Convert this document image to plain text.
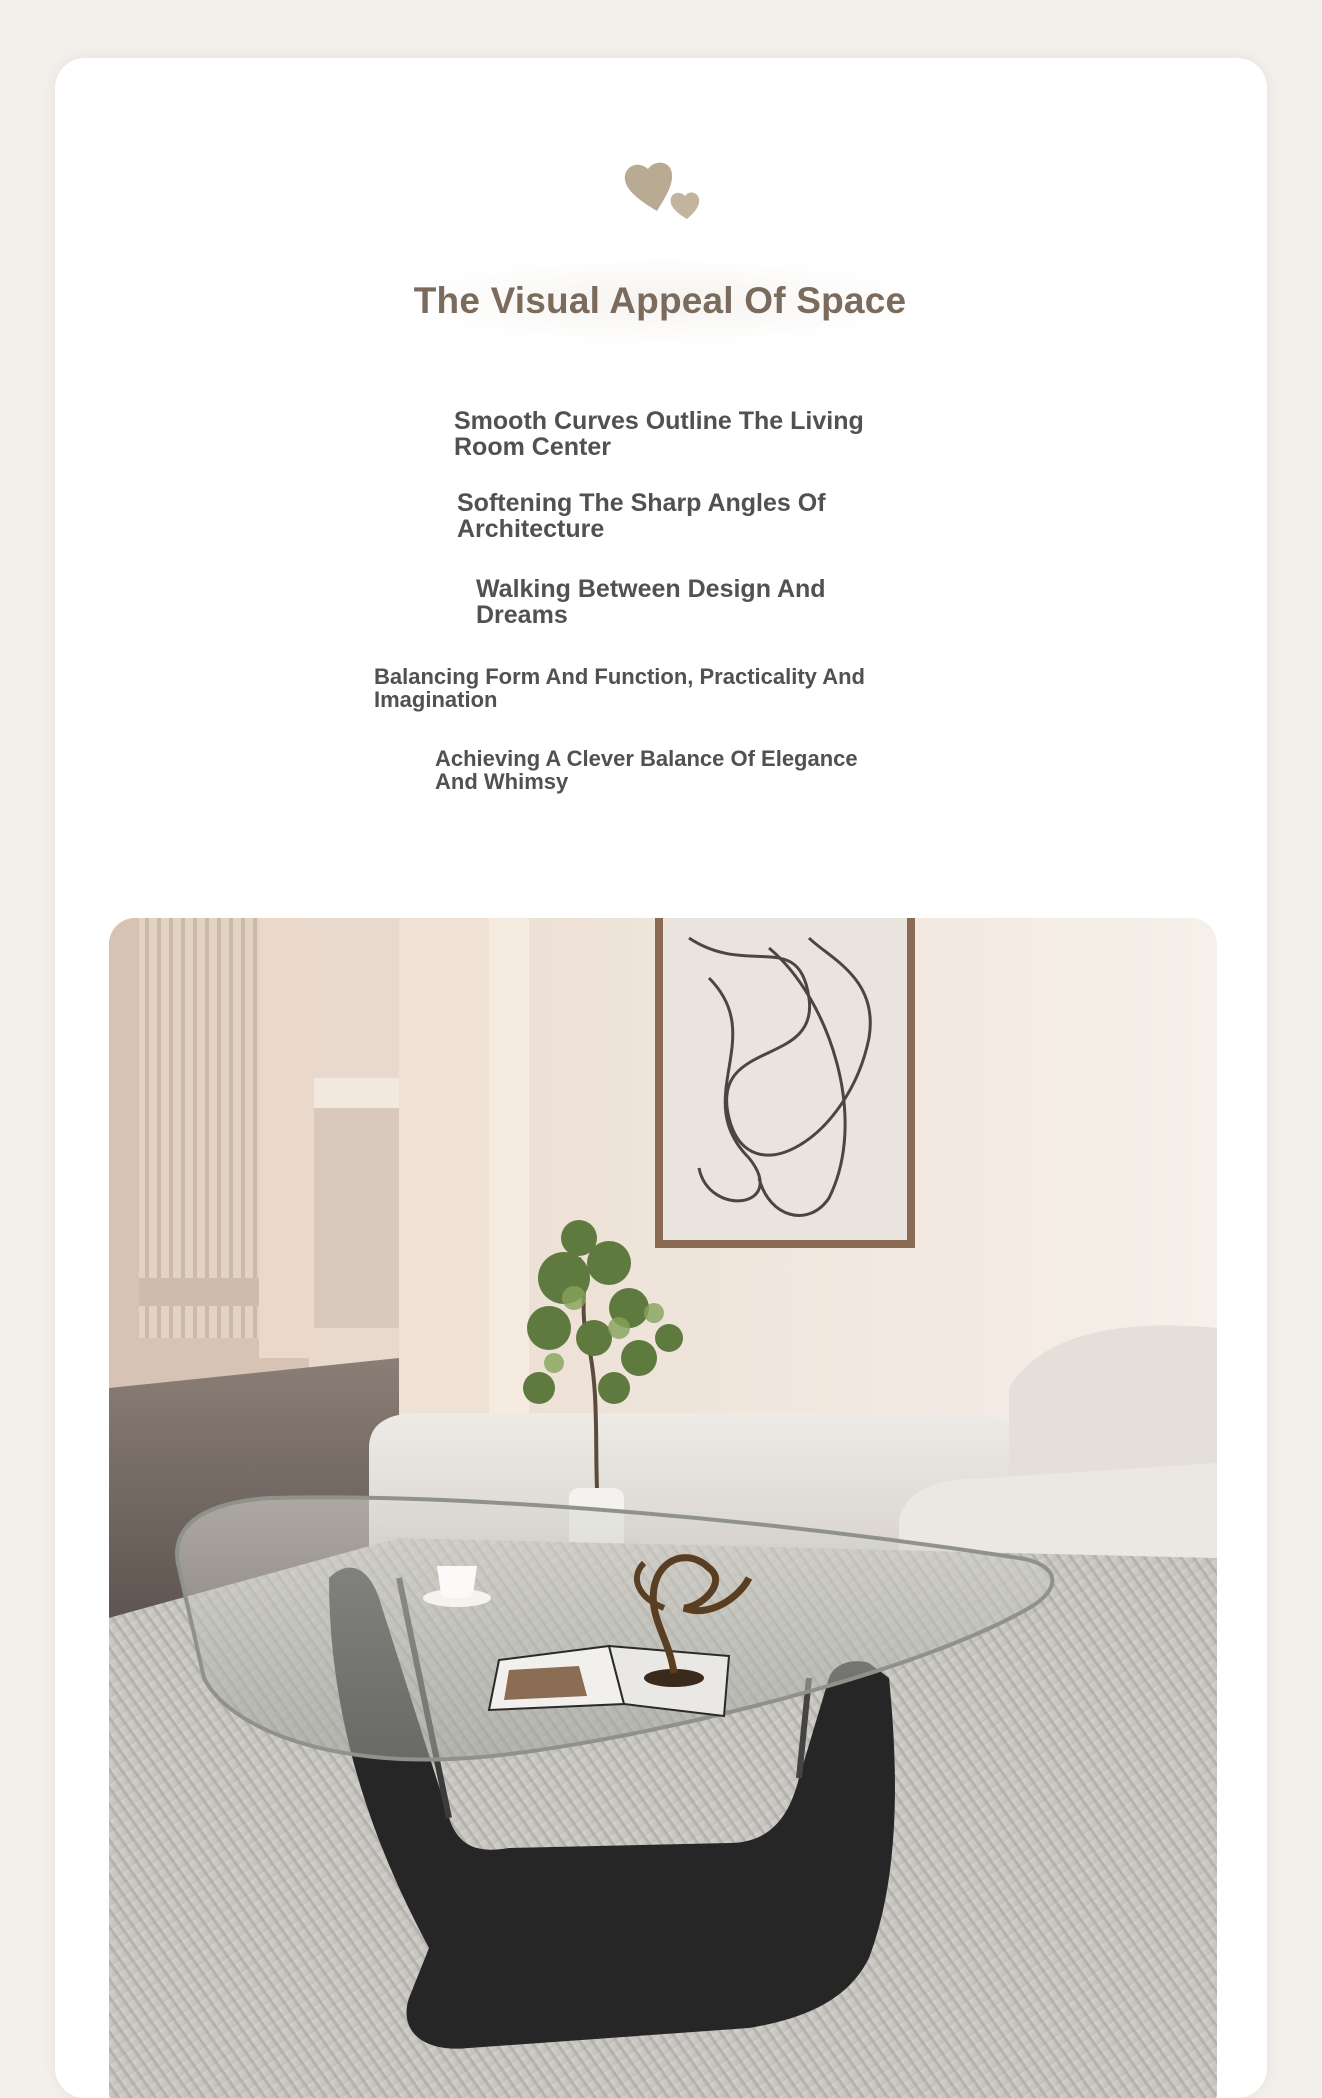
The Visual Appeal Of Space
Smooth Curves Outline The Living
Room Center
Softening The Sharp Angles Of
Architecture
Walking Between Design And
Dreams
Balancing Form And Function, Practicality And
Imagination
Achieving A Clever Balance Of Elegance
And Whimsy
